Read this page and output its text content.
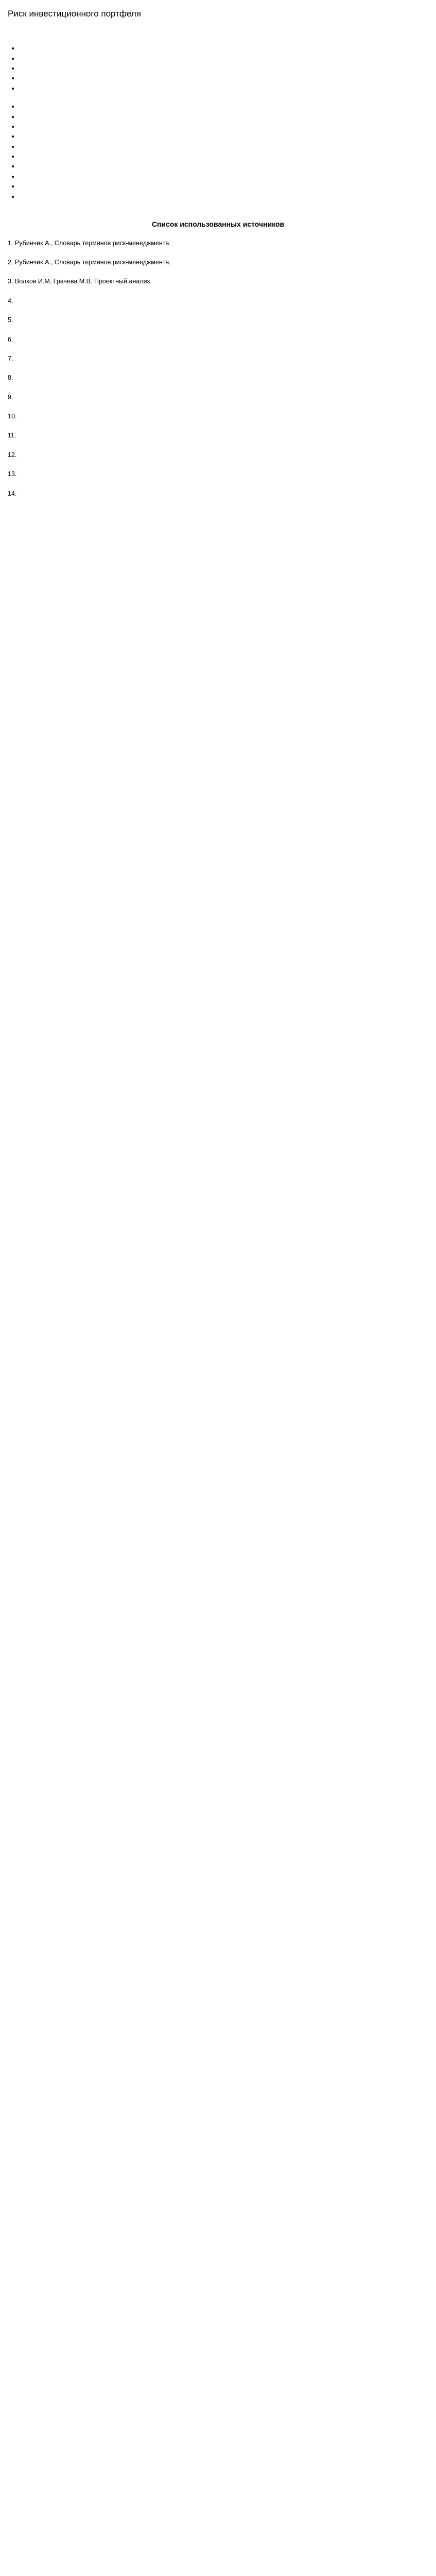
Риск инвестиционного портфеля

•
•
•
•
•

•
•
•
•
•
•
•
•
•
•

Список использованных источников
1. Рубинчик А., Словарь терминов риск-менеджмента.
2. Рубинчик А., Словарь терминов риск-менеджмента.
3. Волков И.М. Грачева М.В. Проектный анализ.
4.
5.
6.
7.
8.
9.
10.
11.
12.
13.
14.
